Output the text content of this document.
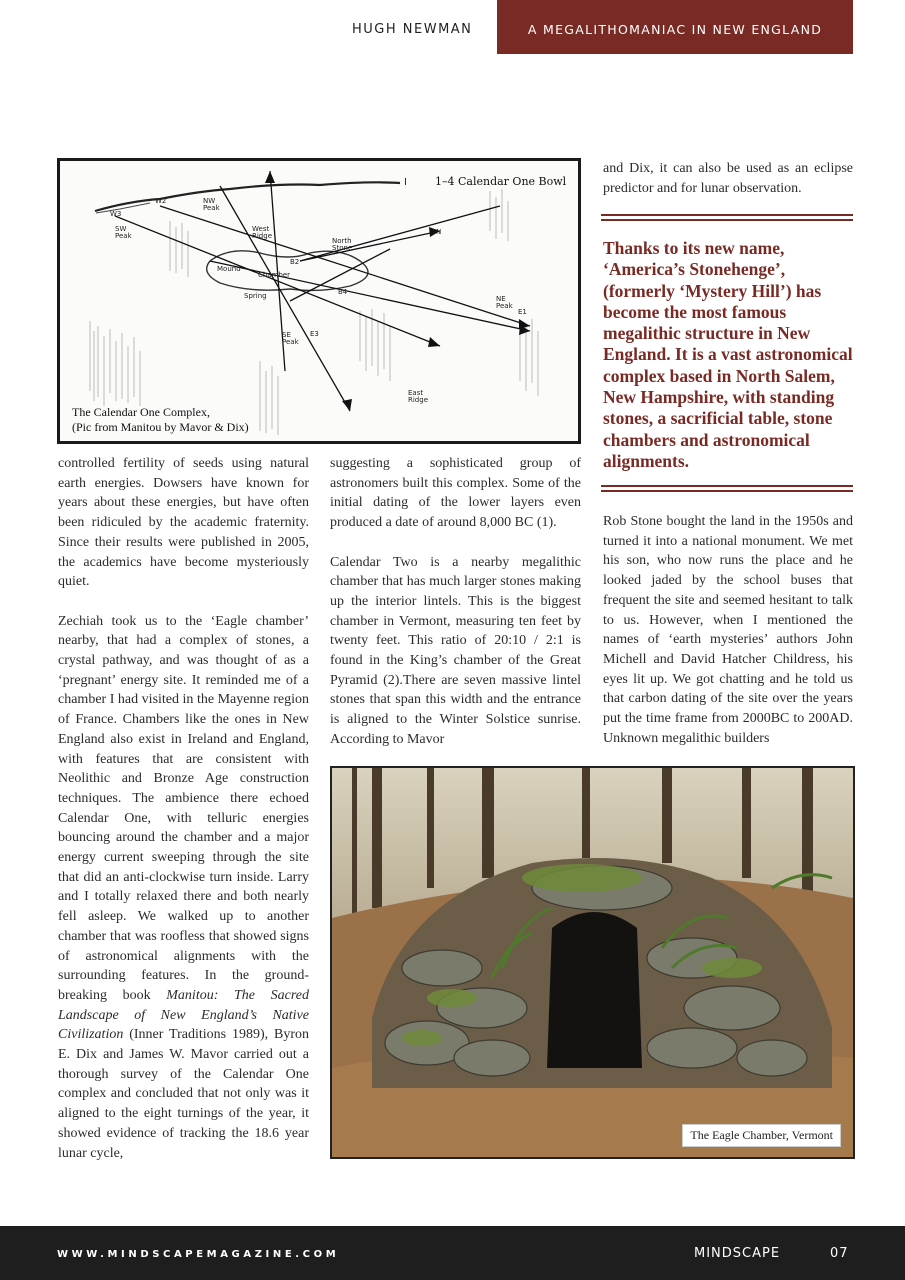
HUGH NEWMAN	A MEGALITHOMANIAC IN NEW ENGLAND
I
W2
W3
SW
Peak
NW
Peak
West
Ridge
North
Stone
N
Mound
Chamber
Spring
B2
B4
NE
Peak
E1
SE
Peak
E3
East
Ridge
1–4 Calendar One Bowl
The Calendar One Complex,
(Pic from Manitou by Mavor & Dix)

controlled fertility of seeds using natural earth energies. Dowsers have known for years about these energies, but have often been ridiculed by the academic fraternity. Since their results were published in 2005, the academics have become mysteriously quiet.

Zechiah took us to the ‘Eagle chamber’ nearby, that had a complex of stones, a crystal pathway, and was thought of as a ‘pregnant’ energy site. It reminded me of a chamber I had visited in the Mayenne region of France. Chambers like the ones in New England also exist in Ireland and England, with features that are consistent with Neolithic and Bronze Age construction techniques. The ambience there echoed Calendar One, with telluric energies bouncing around the chamber and a major energy current sweeping through the site that did an anti-clockwise turn inside. Larry and I totally relaxed there and both nearly fell asleep. We walked up to another chamber that was roofless that showed signs of astronomical alignments with the surrounding features. In the ground-breaking book Manitou: The Sacred Landscape of New England’s Native Civilization (Inner Traditions 1989), Byron E. Dix and James W. Mavor carried out a thorough survey of the Calendar One complex and concluded that not only was it aligned to the eight turnings of the year, it showed evidence of tracking the 18.6 year lunar cycle,

suggesting a sophisticated group of astronomers built this complex. Some of the initial dating of the lower layers even produced a date of around 8,000 BC (1).

Calendar Two is a nearby megalithic chamber that has much larger stones making up the interior lintels. This is the biggest chamber in Vermont, measuring ten feet by twenty feet. This ratio of 20:10 / 2:1 is found in the King’s chamber of the Great Pyramid (2).There are seven massive lintel stones that span this width and the entrance is aligned to the Winter Solstice sunrise. According to Mavor

and Dix, it can also be used as an eclipse predictor and for lunar observation.

Thanks to its new name, ‘America’s Stonehenge’, (formerly ‘Mystery Hill’) has become the most famous megalithic structure in New England. It is a vast astronomical complex based in North Salem, New Hampshire, with standing stones, a sacrificial table, stone chambers and astronomical alignments.

Rob Stone bought the land in the 1950s and turned it into a national monument. We met his son, who now runs the place and he looked jaded by the school buses that frequent the site and seemed hesitant to talk to us. However, when I mentioned the names of ‘earth mysteries’ authors John Michell and David Hatcher Childress, his eyes lit up. We got chatting and he told us that carbon dating of the site over the years put the time frame from 2000BC to 200AD. Unknown megalithic builders

The Eagle Chamber, Vermont
WWW.MINDSCAPEMAGAZINE.COM	MINDSCAPE	07
